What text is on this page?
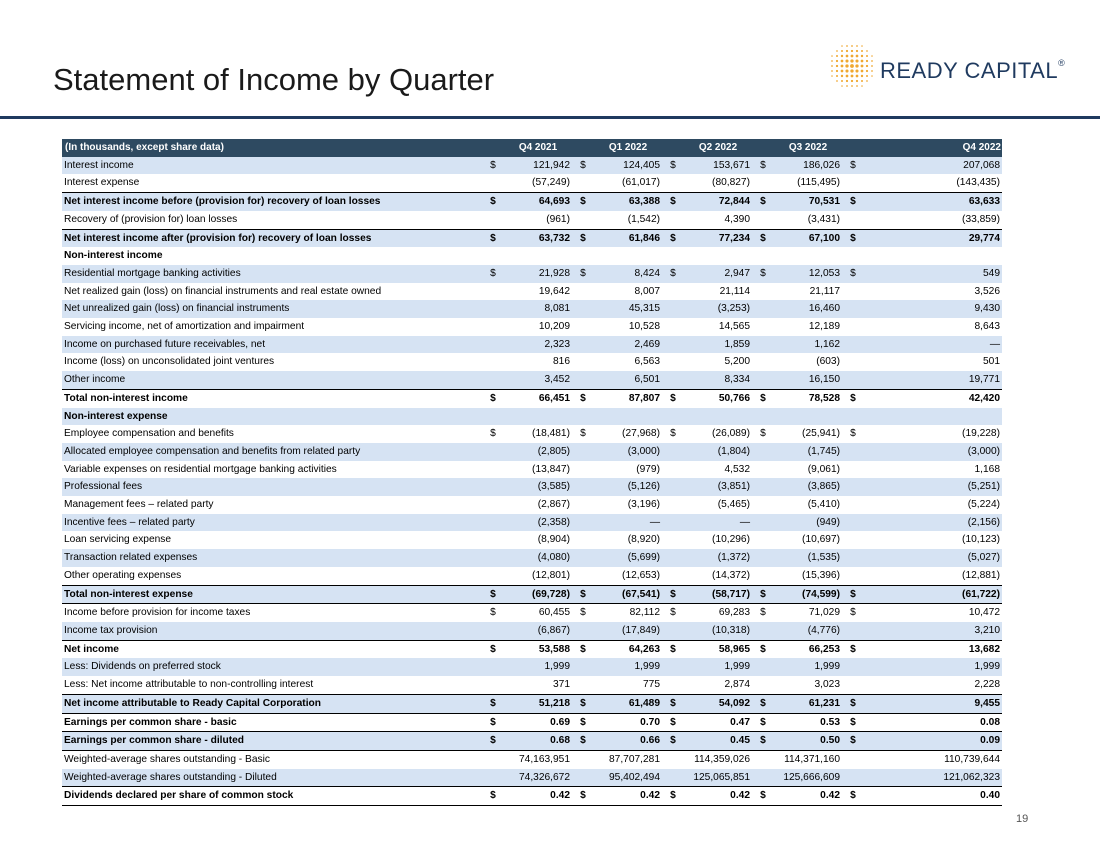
Statement of Income by Quarter	READY CAPITAL®
(In thousands, except share data)		Q4 2021		Q1 2022		Q2 2022		Q3 2022		Q4 2022
Interest income	$	121,942	$	124,405	$	153,671	$	186,026	$	207,068
Interest expense		(57,249)		(61,017)		(80,827)		(115,495)		(143,435)
Net interest income before (provision for) recovery of loan losses	$	64,693	$	63,388	$	72,844	$	70,531	$	63,633
Recovery of (provision for) loan losses		(961)		(1,542)		4,390		(3,431)		(33,859)
Net interest income after (provision for) recovery of loan losses	$	63,732	$	61,846	$	77,234	$	67,100	$	29,774
Non-interest income										
Residential mortgage banking activities	$	21,928	$	8,424	$	2,947	$	12,053	$	549
Net realized gain (loss) on financial instruments and real estate owned		19,642		8,007		21,114		21,117		3,526
Net unrealized gain (loss) on financial instruments		8,081		45,315		(3,253)		16,460		9,430
Servicing income, net of amortization and impairment		10,209		10,528		14,565		12,189		8,643
Income on purchased future receivables, net		2,323		2,469		1,859		1,162		—
Income (loss) on unconsolidated joint ventures		816		6,563		5,200		(603)		501
Other income		3,452		6,501		8,334		16,150		19,771
Total non-interest income	$	66,451	$	87,807	$	50,766	$	78,528	$	42,420
Non-interest expense										
Employee compensation and benefits	$	(18,481)	$	(27,968)	$	(26,089)	$	(25,941)	$	(19,228)
Allocated employee compensation and benefits from related party		(2,805)		(3,000)		(1,804)		(1,745)		(3,000)
Variable expenses on residential mortgage banking activities		(13,847)		(979)		4,532		(9,061)		1,168
Professional fees		(3,585)		(5,126)		(3,851)		(3,865)		(5,251)
Management fees – related party		(2,867)		(3,196)		(5,465)		(5,410)		(5,224)
Incentive fees – related party		(2,358)		—		—		(949)		(2,156)
Loan servicing expense		(8,904)		(8,920)		(10,296)		(10,697)		(10,123)
Transaction related expenses		(4,080)		(5,699)		(1,372)		(1,535)		(5,027)
Other operating expenses		(12,801)		(12,653)		(14,372)		(15,396)		(12,881)
Total non-interest expense	$	(69,728)	$	(67,541)	$	(58,717)	$	(74,599)	$	(61,722)
Income before provision for income taxes	$	60,455	$	82,112	$	69,283	$	71,029	$	10,472
Income tax provision		(6,867)		(17,849)		(10,318)		(4,776)		3,210
Net income	$	53,588	$	64,263	$	58,965	$	66,253	$	13,682
Less: Dividends on preferred stock		1,999		1,999		1,999		1,999		1,999
Less: Net income attributable to non-controlling interest		371		775		2,874		3,023		2,228
Net income attributable to Ready Capital Corporation	$	51,218	$	61,489	$	54,092	$	61,231	$	9,455
Earnings per common share - basic	$	0.69	$	0.70	$	0.47	$	0.53	$	0.08
Earnings per common share - diluted	$	0.68	$	0.66	$	0.45	$	0.50	$	0.09
Weighted-average shares outstanding - Basic		74,163,951		87,707,281		114,359,026		114,371,160		110,739,644
Weighted-average shares outstanding - Diluted		74,326,672		95,402,494		125,065,851		125,666,609		121,062,323
Dividends declared per share of common stock	$	0.42	$	0.42	$	0.42	$	0.42	$	0.40
19
